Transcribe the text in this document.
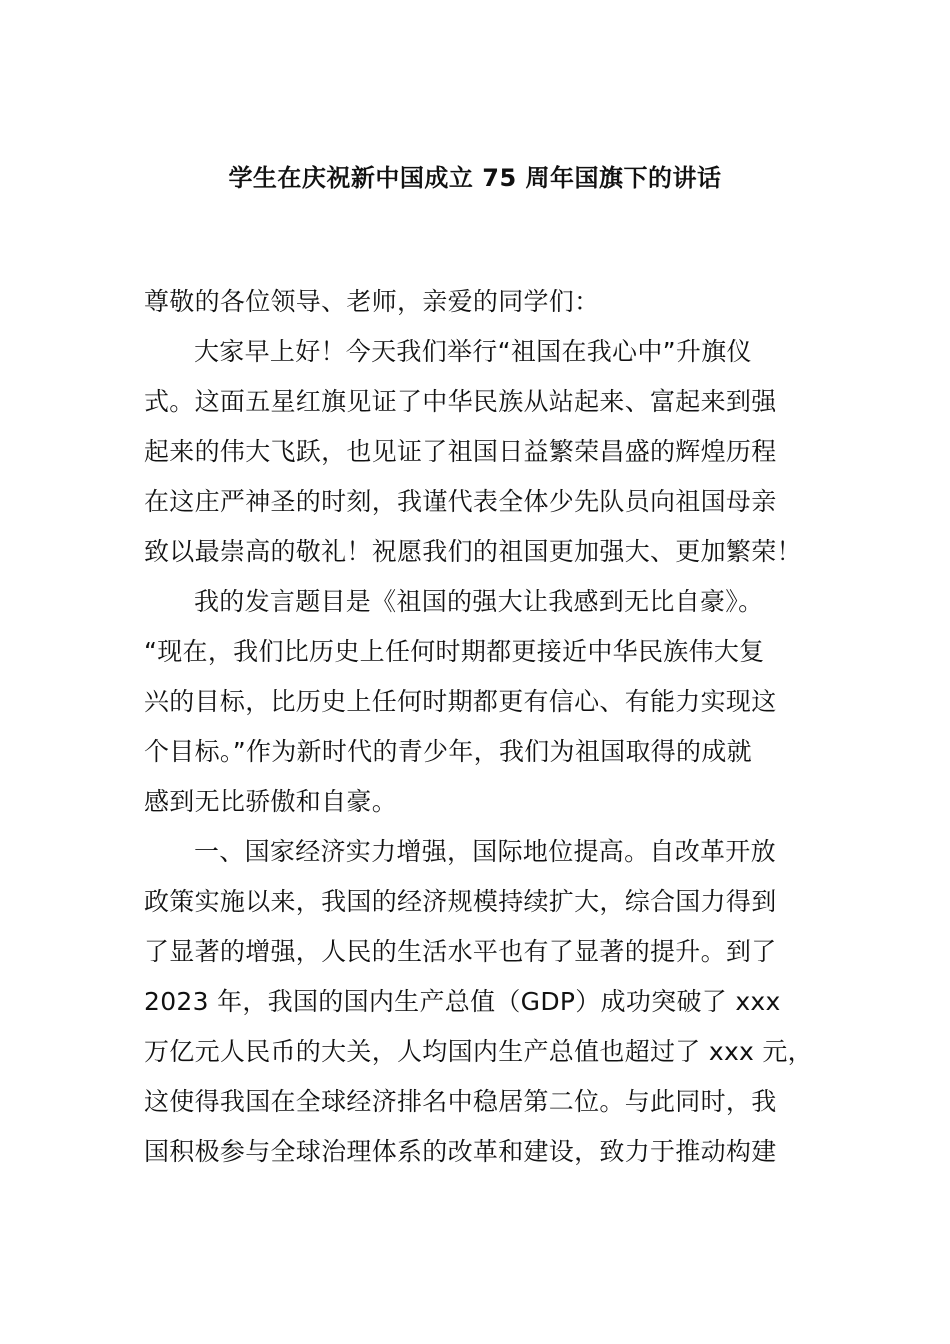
学生在庆祝新中国成立 75 周年国旗下的讲话
尊敬的各位领导、老师，亲爱的同学们：
大家早上好！今天我们举行“祖国在我心中”升旗仪
式。这面五星红旗见证了中华民族从站起来、富起来到强
起来的伟大飞跃，也见证了祖国日益繁荣昌盛的辉煌历程
在这庄严神圣的时刻，我谨代表全体少先队员向祖国母亲
致以最崇高的敬礼！祝愿我们的祖国更加强大、更加繁荣！
我的发言题目是《祖国的强大让我感到无比自豪》。
“现在，我们比历史上任何时期都更接近中华民族伟大复
兴的目标，比历史上任何时期都更有信心、有能力实现这
个目标。”作为新时代的青少年，我们为祖国取得的成就
感到无比骄傲和自豪。
一、国家经济实力增强，国际地位提高。自改革开放
政策实施以来，我国的经济规模持续扩大，综合国力得到
了显著的增强，人民的生活水平也有了显著的提升。到了
2023 年，我国的国内生产总值（GDP）成功突破了 xxx
万亿元人民币的大关，人均国内生产总值也超过了 xxx 元，
这使得我国在全球经济排名中稳居第二位。与此同时，我
国积极参与全球治理体系的改革和建设，致力于推动构建
